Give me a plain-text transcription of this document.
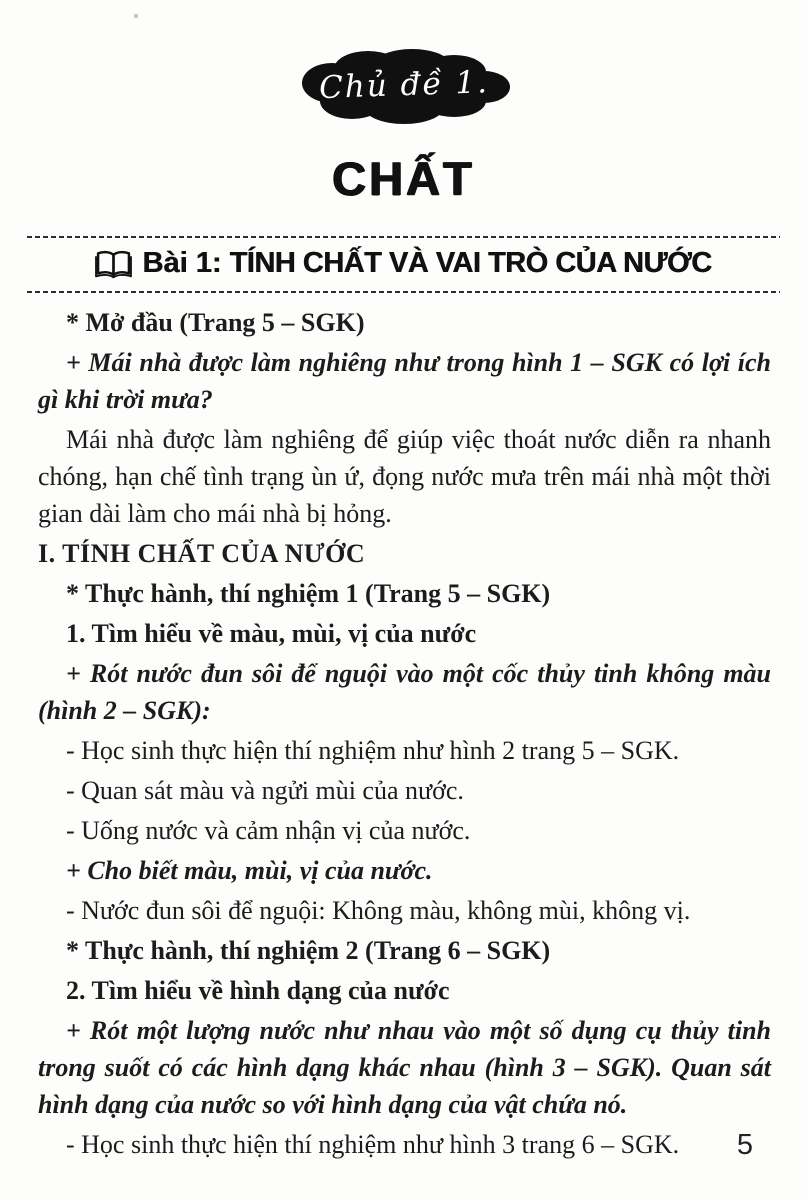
Chủ đề 1.
CHẤT
Bài 1: TÍNH CHẤT VÀ VAI TRÒ CỦA NƯỚC

* Mở đầu (Trang 5 – SGK)

+ Mái nhà được làm nghiêng như trong hình 1 – SGK có lợi ích gì khi trời mưa?

Mái nhà được làm nghiêng để giúp việc thoát nước diễn ra nhanh chóng, hạn chế tình trạng ùn ứ, đọng nước mưa trên mái nhà một thời gian dài làm cho mái nhà bị hỏng.

I. TÍNH CHẤT CỦA NƯỚC

* Thực hành, thí nghiệm 1 (Trang 5 – SGK)

1. Tìm hiểu về màu, mùi, vị của nước

+ Rót nước đun sôi để nguội vào một cốc thủy tinh không màu (hình 2 – SGK):

- Học sinh thực hiện thí nghiệm như hình 2 trang 5 – SGK.

- Quan sát màu và ngửi mùi của nước.

- Uống nước và cảm nhận vị của nước.

+ Cho biết màu, mùi, vị của nước.

- Nước đun sôi để nguội: Không màu, không mùi, không vị.

* Thực hành, thí nghiệm 2 (Trang 6 – SGK)

2. Tìm hiểu về hình dạng của nước

+ Rót một lượng nước như nhau vào một số dụng cụ thủy tinh trong suốt có các hình dạng khác nhau (hình 3 – SGK). Quan sát hình dạng của nước so với hình dạng của vật chứa nó.

- Học sinh thực hiện thí nghiệm như hình 3 trang 6 – SGK.	5
